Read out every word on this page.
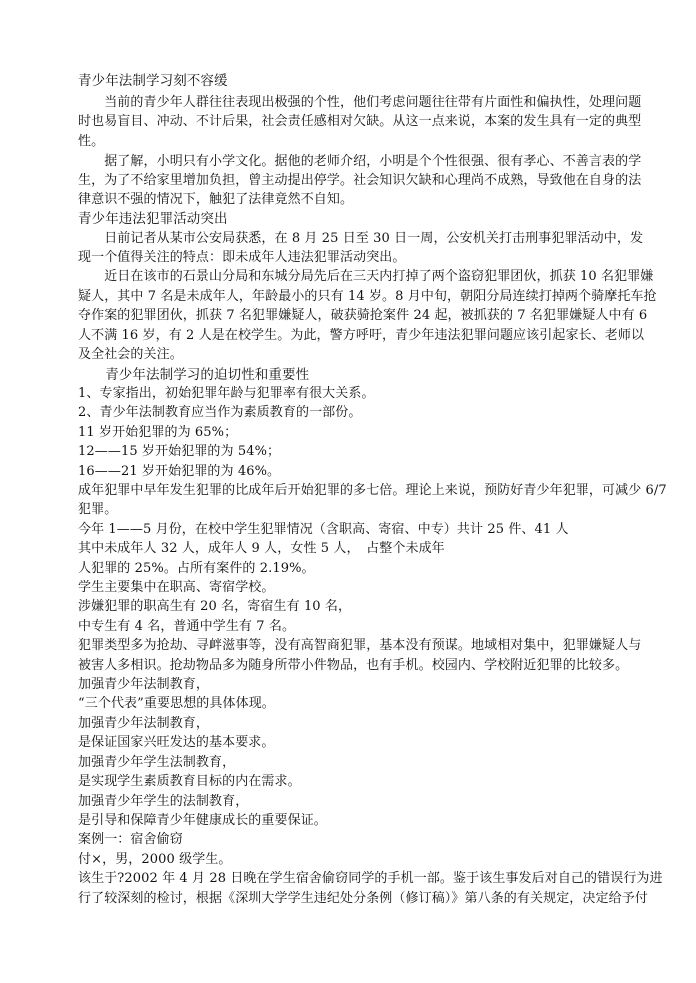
青少年法制学习刻不容缓
　　当前的青少年人群往往表现出极强的个性，他们考虑问题往往带有片面性和偏执性，处理问题
时也易盲目、冲动、不计后果，社会责任感相对欠缺。从这一点来说，本案的发生具有一定的典型
性。
　　据了解，小明只有小学文化。据他的老师介绍，小明是个个性很强、很有孝心、不善言表的学
生，为了不给家里增加负担，曾主动提出停学。社会知识欠缺和心理尚不成熟，导致他在自身的法
律意识不强的情况下，触犯了法律竟然不自知。
青少年违法犯罪活动突出
　　日前记者从某市公安局获悉，在 8 月 25 日至 30 日一周，公安机关打击刑事犯罪活动中，发
现一个值得关注的特点：即未成年人违法犯罪活动突出。
　　近日在该市的石景山分局和东城分局先后在三天内打掉了两个盗窃犯罪团伙，抓获 10 名犯罪嫌
疑人，其中 7 名是未成年人，年龄最小的只有 14 岁。8 月中旬，朝阳分局连续打掉两个骑摩托车抢
夺作案的犯罪团伙，抓获 7 名犯罪嫌疑人，破获骑抢案件 24 起，被抓获的 7 名犯罪嫌疑人中有 6
人不满 16 岁，有 2 人是在校学生。为此，警方呼吁，青少年违法犯罪问题应该引起家长、老师以
及全社会的关注。
　　青少年法制学习的迫切性和重要性
1、专家指出，初始犯罪年龄与犯罪率有很大关系。
2、青少年法制教育应当作为素质教育的一部份。
11 岁开始犯罪的为 65%；
12——15 岁开始犯罪的为 54%；
16——21 岁开始犯罪的为 46%。
成年犯罪中早年发生犯罪的比成年后开始犯罪的多七倍。理论上来说，预防好青少年犯罪，可减少 6/7
犯罪。
今年 1——5 月份，在校中学生犯罪情况（含职高、寄宿、中专）共计 25 件、41 人
其中未成年人 32 人，成年人 9 人，女性 5 人，　占整个未成年
人犯罪的 25%。占所有案件的 2.19%。
学生主要集中在职高、寄宿学校。
涉嫌犯罪的职高生有 20 名，寄宿生有 10 名，
中专生有 4 名，普通中学生有 7 名。
犯罪类型多为抢劫、寻衅滋事等，没有高智商犯罪，基本没有预谋。地域相对集中，犯罪嫌疑人与
被害人多相识。抢劫物品多为随身所带小件物品，也有手机。校园内、学校附近犯罪的比较多。
加强青少年法制教育，
“三个代表”重要思想的具体体现。
加强青少年法制教育，
是保证国家兴旺发达的基本要求。
加强青少年学生法制教育，
是实现学生素质教育目标的内在需求。
加强青少年学生的法制教育，
是引导和保障青少年健康成长的重要保证。
案例一：宿舍偷窃
付×，男，2000 级学生。
该生于?2002 年 4 月 28 日晚在学生宿舍偷窃同学的手机一部。鉴于该生事发后对自己的错误行为进
行了较深刻的检讨，根据《深圳大学学生违纪处分条例（修订稿）》第八条的有关规定，决定给予付
